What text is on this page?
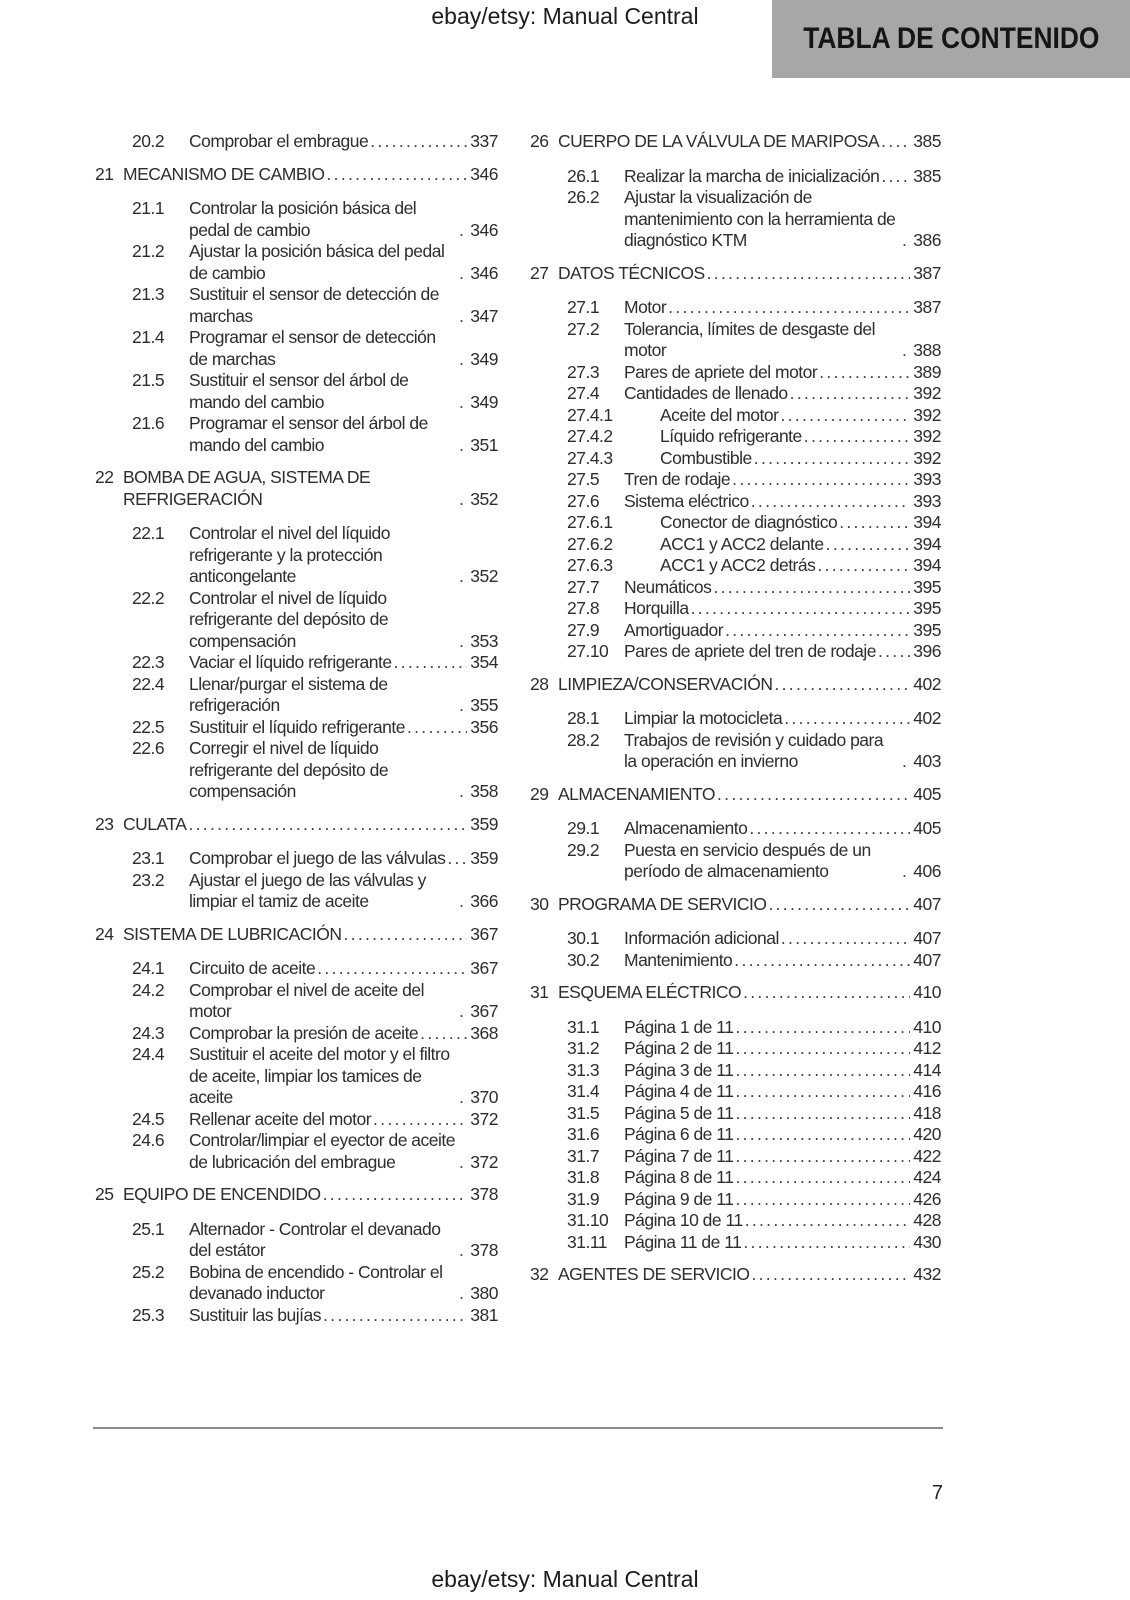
ebay/etsy: Manual Central
TABLA DE CONTENIDO
20.2	Comprobar el embrague .....	337
21 MECANISMO DE CAMBIO .....	346
21.1	Controlar la posición básica del pedal de cambio .....	346
21.2	Ajustar la posición básica del pedal de cambio .....	346
21.3	Sustituir el sensor de detección de marchas .....	347
21.4	Programar el sensor de detección de marchas .....	349
21.5	Sustituir el sensor del árbol de mando del cambio .....	349
21.6	Programar el sensor del árbol de mando del cambio .....	351
22 BOMBA DE AGUA, SISTEMA DE REFRIGERACIÓN .....	352
22.1	Controlar el nivel del líquido refrigerante y la protección anticongelante .....	352
22.2	Controlar el nivel de líquido refrigerante del depósito de compensación .....	353
22.3	Vaciar el líquido refrigerante .....	354
22.4	Llenar/purgar el sistema de refrigeración .....	355
22.5	Sustituir el líquido refrigerante .....	356
22.6	Corregir el nivel de líquido refrigerante del depósito de compensación .....	358
23 CULATA .....	359
23.1	Comprobar el juego de las válvulas ..... 359
23.2	Ajustar el juego de las válvulas y limpiar el tamiz de aceite .....	366
24 SISTEMA DE LUBRICACIÓN .....	367
24.1	Circuito de aceite .....	367
24.2	Comprobar el nivel de aceite del motor .....	367
24.3	Comprobar la presión de aceite .....	368
24.4	Sustituir el aceite del motor y el filtro de aceite, limpiar los tamices de aceite .....	370
24.5	Rellenar aceite del motor .....	372
24.6	Controlar/limpiar el eyector de aceite de lubricación del embrague .....	372
25 EQUIPO DE ENCENDIDO .....	378
25.1	Alternador - Controlar el devanado del estátor .....	378
25.2	Bobina de encendido - Controlar el devanado inductor .....	380
25.3	Sustituir las bujías .....	381
26 CUERPO DE LA VÁLVULA DE MARIPOSA ..... 385
26.1	Realizar la marcha de inicialización ..... 385
26.2	Ajustar la visualización de mantenimiento con la herramienta de diagnóstico KTM .....	386
27 DATOS TÉCNICOS .....	387
27.1	Motor .....	387
27.2	Tolerancia, límites de desgaste del motor .....	388
27.3	Pares de apriete del motor .....	389
27.4	Cantidades de llenado .....	392
27.4.1	Aceite del motor .....	392
27.4.2	Líquido refrigerante .....	392
27.4.3	Combustible .....	392
27.5	Tren de rodaje .....	393
27.6	Sistema eléctrico .....	393
27.6.1	Conector de diagnóstico .....	394
27.6.2	ACC1 y ACC2 delante .....	394
27.6.3	ACC1 y ACC2 detrás .....	394
27.7	Neumáticos .....	395
27.8	Horquilla .....	395
27.9	Amortiguador .....	395
27.10 Pares de apriete del tren de rodaje ..... 396
28 LIMPIEZA/CONSERVACIÓN .....	402
28.1	Limpiar la motocicleta .....	402
28.2	Trabajos de revisión y cuidado para la operación en invierno .....	403
29 ALMACENAMIENTO .....	405
29.1	Almacenamiento .....	405
29.2	Puesta en servicio después de un período de almacenamiento .....	406
30 PROGRAMA DE SERVICIO .....	407
30.1	Información adicional .....	407
30.2	Mantenimiento .....	407
31 ESQUEMA ELÉCTRICO .....	410
31.1	Página 1 de 11 .....	410
31.2	Página 2 de 11 .....	412
31.3	Página 3 de 11 .....	414
31.4	Página 4 de 11 .....	416
31.5	Página 5 de 11 .....	418
31.6	Página 6 de 11 .....	420
31.7	Página 7 de 11 .....	422
31.8	Página 8 de 11 .....	424
31.9	Página 9 de 11 .....	426
31.10 Página 10 de 11 .....	428
31.11 Página 11 de 11 .....	430
32 AGENTES DE SERVICIO .....	432
7
ebay/etsy: Manual Central
